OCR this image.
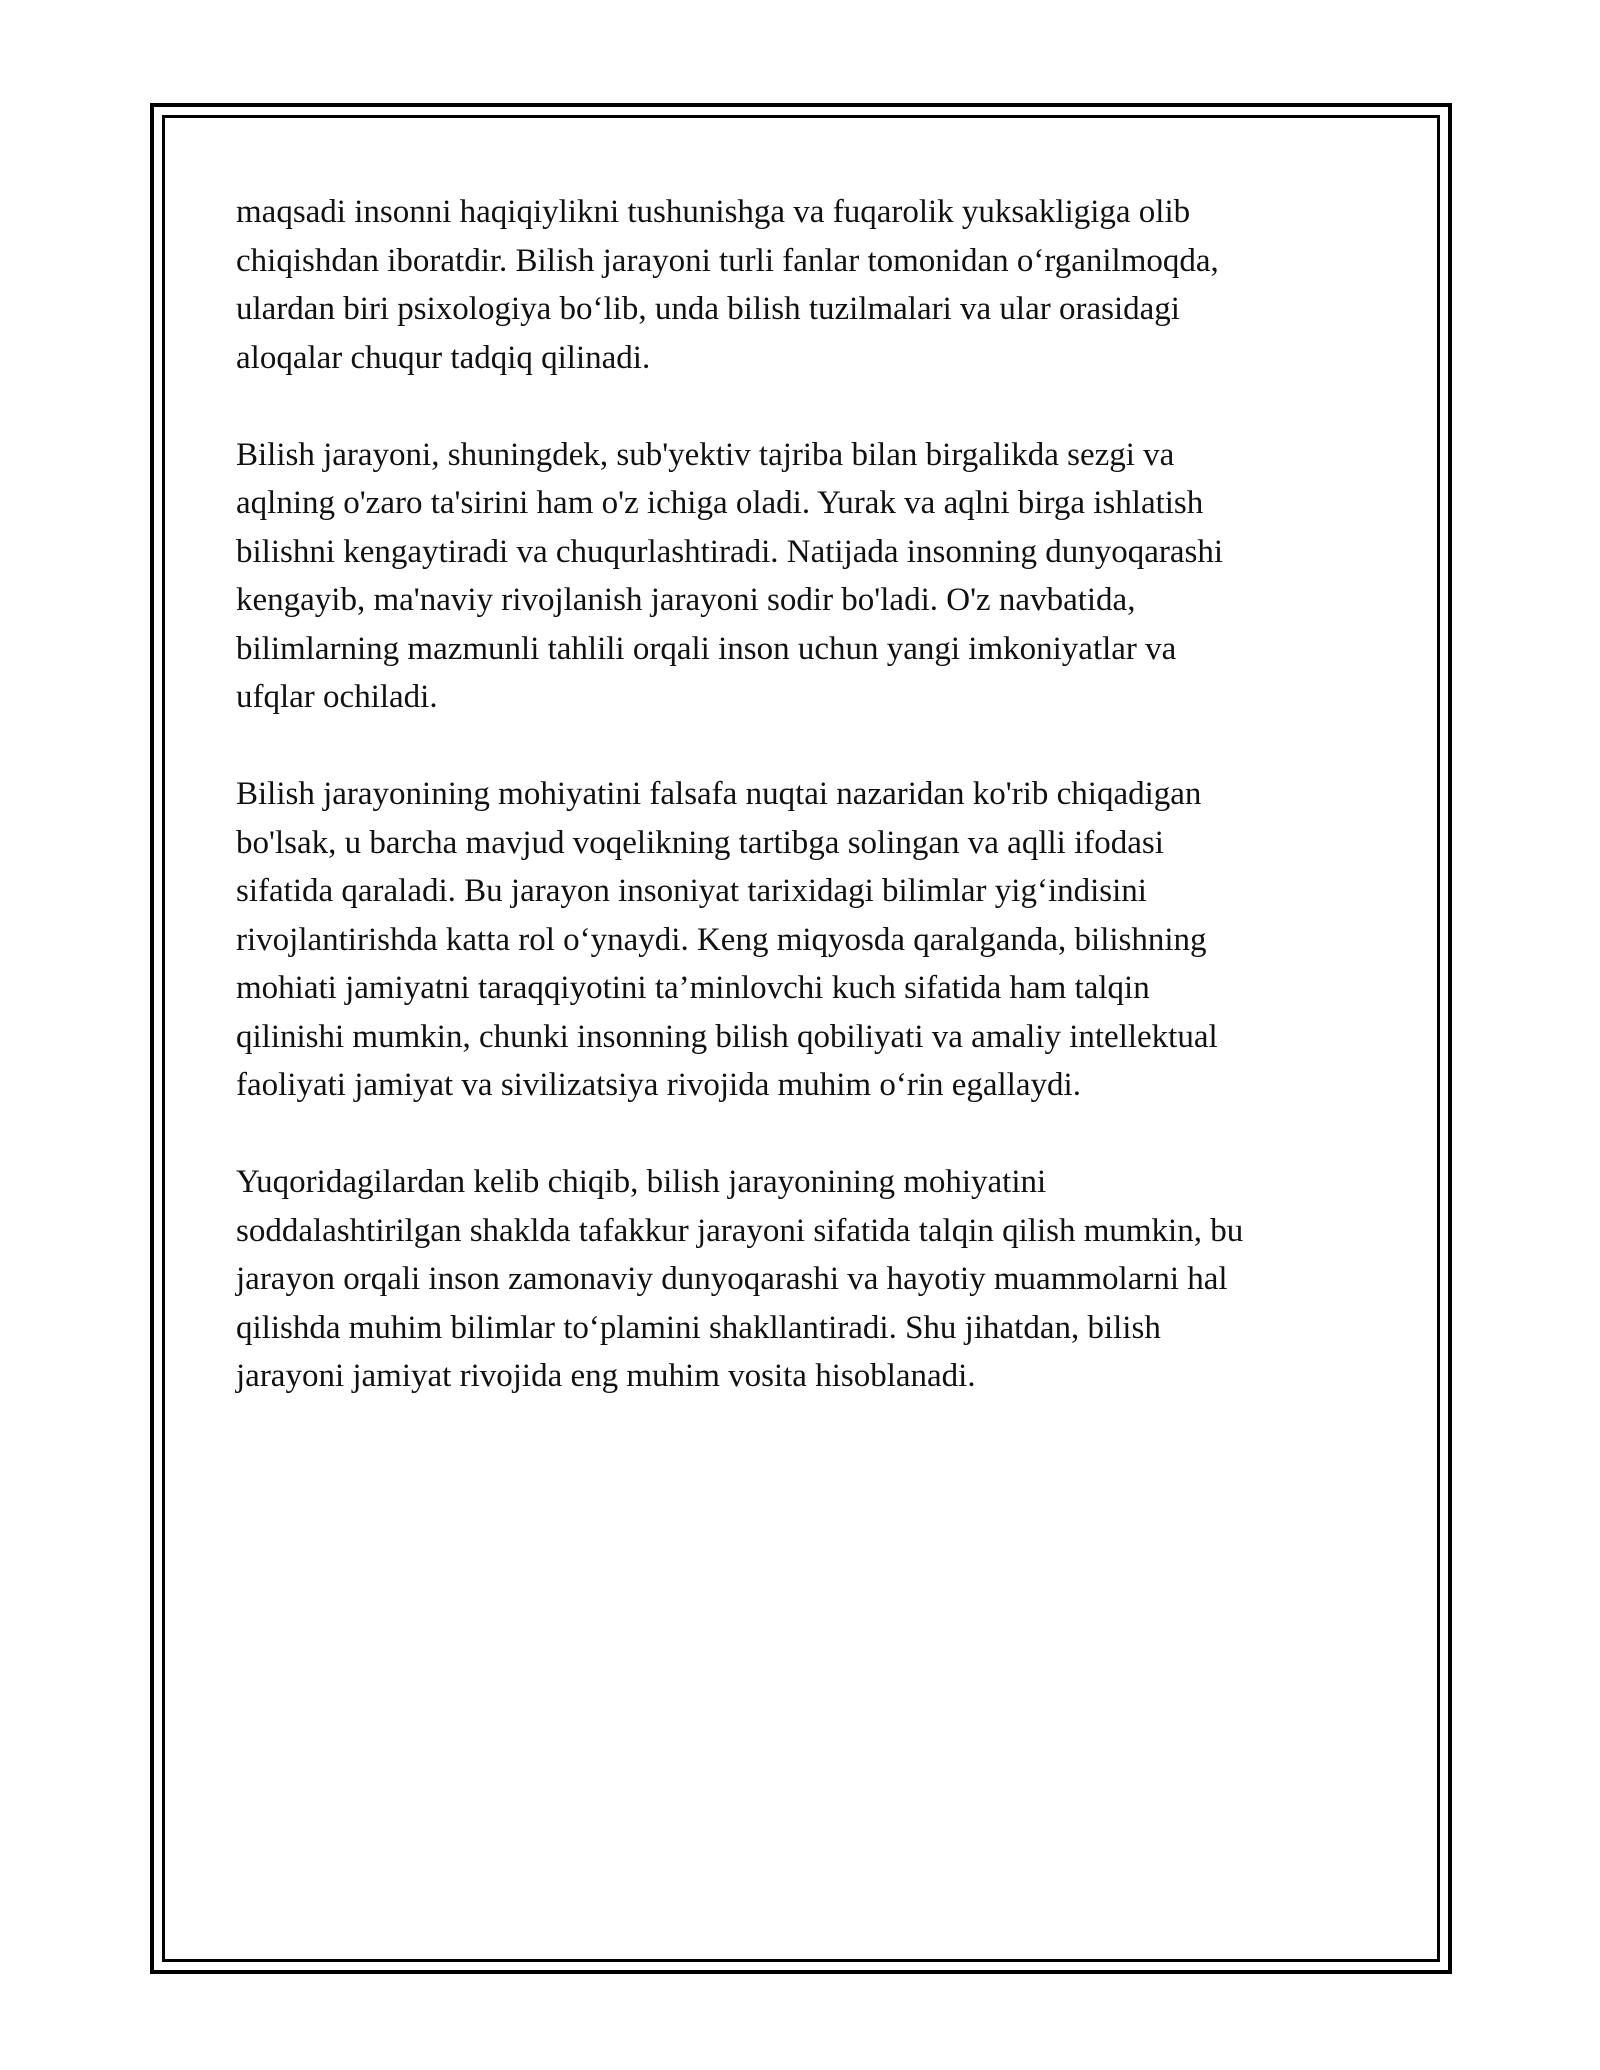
maqsadi insonni haqiqiylikni tushunishga va fuqarolik yuksakligiga olib
chiqishdan iboratdir. Bilish jarayoni turli fanlar tomonidan o‘rganilmoqda,
ulardan biri psixologiya bo‘lib, unda bilish tuzilmalari va ular orasidagi
aloqalar chuqur tadqiq qilinadi.

Bilish jarayoni, shuningdek, sub'yektiv tajriba bilan birgalikda sezgi va
aqlning o'zaro ta'sirini ham o'z ichiga oladi. Yurak va aqlni birga ishlatish
bilishni kengaytiradi va chuqurlashtiradi. Natijada insonning dunyoqarashi
kengayib, ma'naviy rivojlanish jarayoni sodir bo'ladi. O'z navbatida,
bilimlarning mazmunli tahlili orqali inson uchun yangi imkoniyatlar va
ufqlar ochiladi.

Bilish jarayonining mohiyatini falsafa nuqtai nazaridan ko'rib chiqadigan
bo'lsak, u barcha mavjud voqelikning tartibga solingan va aqlli ifodasi
sifatida qaraladi. Bu jarayon insoniyat tarixidagi bilimlar yig‘indisini
rivojlantirishda katta rol o‘ynaydi. Keng miqyosda qaralganda, bilishning
mohiati jamiyatni taraqqiyotini ta’minlovchi kuch sifatida ham talqin
qilinishi mumkin, chunki insonning bilish qobiliyati va amaliy intellektual
faoliyati jamiyat va sivilizatsiya rivojida muhim o‘rin egallaydi.

Yuqoridagilardan kelib chiqib, bilish jarayonining mohiyatini
soddalashtirilgan shaklda tafakkur jarayoni sifatida talqin qilish mumkin, bu
jarayon orqali inson zamonaviy dunyoqarashi va hayotiy muammolarni hal
qilishda muhim bilimlar to‘plamini shakllantiradi. Shu jihatdan, bilish
jarayoni jamiyat rivojida eng muhim vosita hisoblanadi.
